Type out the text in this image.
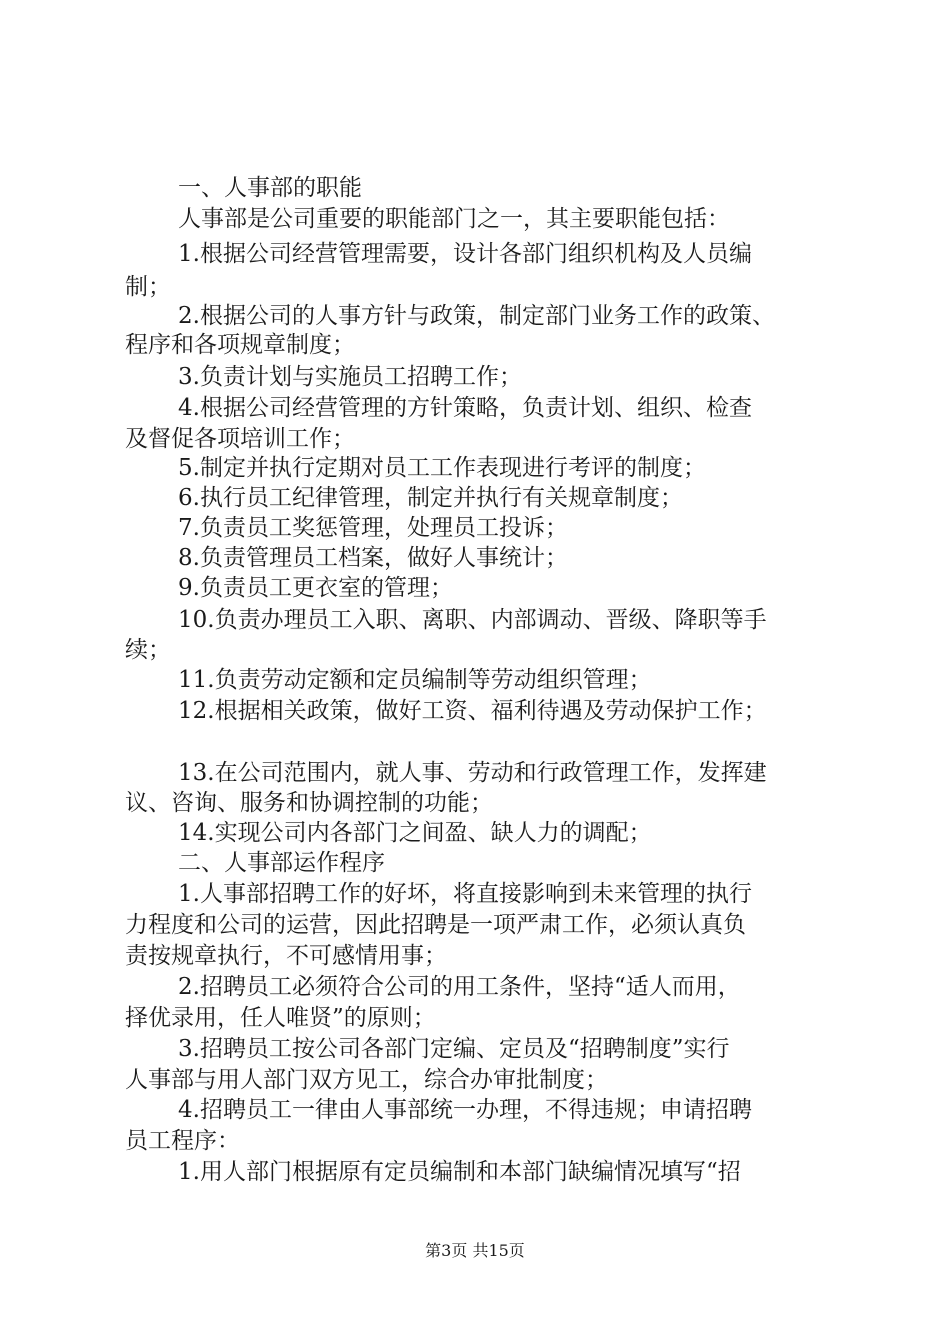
一、人事部的职能
人事部是公司重要的职能部门之一，其主要职能包括：
1.根据公司经营管理需要，设计各部门组织机构及人员编
制；
2.根据公司的人事方针与政策，制定部门业务工作的政策、
程序和各项规章制度；
3.负责计划与实施员工招聘工作；
4.根据公司经营管理的方针策略，负责计划、组织、检查
及督促各项培训工作；
5.制定并执行定期对员工工作表现进行考评的制度；
6.执行员工纪律管理，制定并执行有关规章制度；
7.负责员工奖惩管理，处理员工投诉；
8.负责管理员工档案，做好人事统计；
9.负责员工更衣室的管理；
10.负责办理员工入职、离职、内部调动、晋级、降职等手
续；
11.负责劳动定额和定员编制等劳动组织管理；
12.根据相关政策，做好工资、福利待遇及劳动保护工作；
13.在公司范围内，就人事、劳动和行政管理工作，发挥建
议、咨询、服务和协调控制的功能；
14.实现公司内各部门之间盈、缺人力的调配；
二、人事部运作程序
1.人事部招聘工作的好坏，将直接影响到未来管理的执行
力程度和公司的运营，因此招聘是一项严肃工作，必须认真负
责按规章执行，不可感情用事；
2.招聘员工必须符合公司的用工条件，坚持“适人而用，
择优录用，任人唯贤”的原则；
3.招聘员工按公司各部门定编、定员及“招聘制度”实行
人事部与用人部门双方见工，综合办审批制度；
4.招聘员工一律由人事部统一办理，不得违规；申请招聘
员工程序：
1.用人部门根据原有定员编制和本部门缺编情况填写“招
第3页 共15页
